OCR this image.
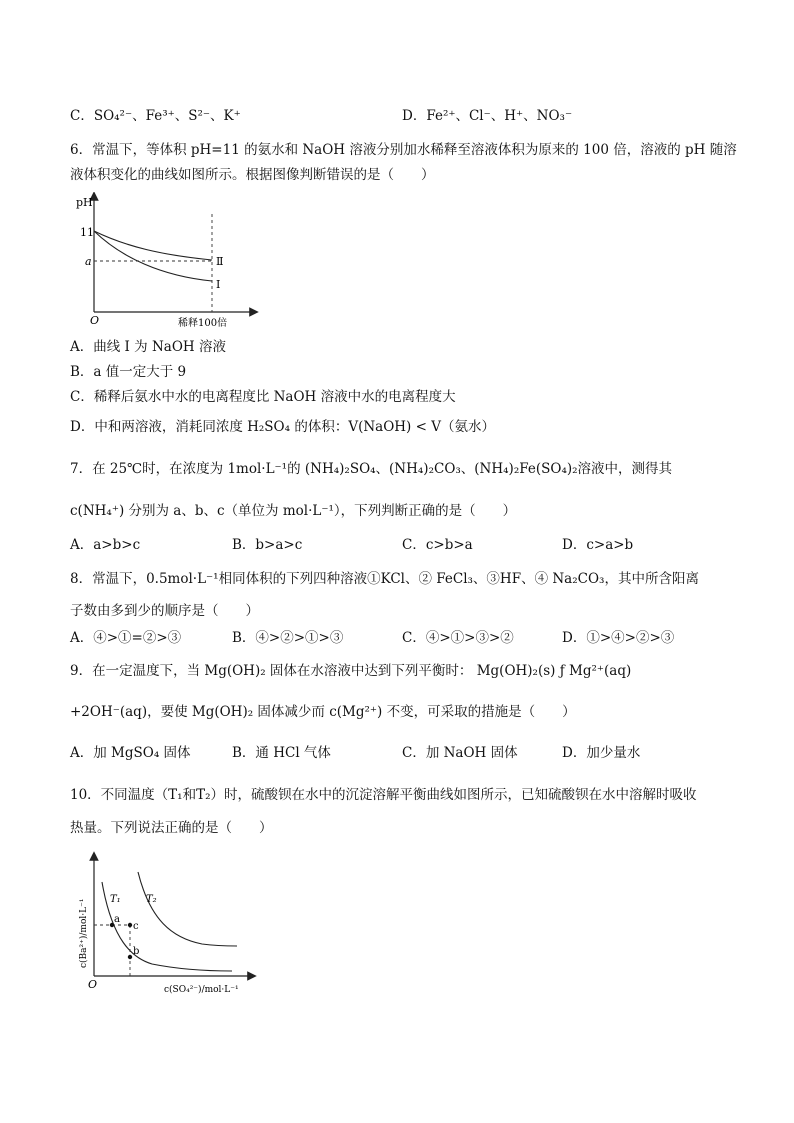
C．SO₄²⁻、Fe³⁺、S²⁻、K⁺	D．Fe²⁺、Cl⁻、H⁺、NO₃⁻
6．常温下，等体积 pH=11 的氨水和 NaOH 溶液分别加水稀释至溶液体积为原来的 100 倍，溶液的 pH 随溶
液体积变化的曲线如图所示。根据图像判断错误的是（　　）
pH
11
a
O	稀释100倍
Ⅱ
Ⅰ
A．曲线 Ⅰ 为 NaOH 溶液
B．a 值一定大于 9
C．稀释后氨水中水的电离程度比 NaOH 溶液中水的电离程度大
D．中和两溶液，消耗同浓度 H₂SO₄ 的体积：V(NaOH) < V（氨水）
7．在 25℃时，在浓度为 1mol·L⁻¹的 (NH₄)₂SO₄、(NH₄)₂CO₃、(NH₄)₂Fe(SO₄)₂溶液中，测得其
c(NH₄⁺) 分别为 a、b、c（单位为 mol·L⁻¹），下列判断正确的是（　　）
A．a>b>c	B．b>a>c	C．c>b>a	D．c>a>b
8．常温下，0.5mol·L⁻¹相同体积的下列四种溶液①KCl、② FeCl₃、③HF、④ Na₂CO₃，其中所含阳离
子数由多到少的顺序是（　　）
A．④>①=②>③	B．④>②>①>③	C．④>①>③>②	D．①>④>②>③
9．在一定温度下，当 Mg(OH)₂ 固体在水溶液中达到下列平衡时： Mg(OH)₂(s) ƒ Mg²⁺(aq)
+2OH⁻(aq)，要使 Mg(OH)₂ 固体减少而 c(Mg²⁺) 不变，可采取的措施是（　　）
A．加 MgSO₄ 固体	B．通 HCl 气体	C．加 NaOH 固体	D．加少量水
10．不同温度（T₁和T₂）时，硫酸钡在水中的沉淀溶解平衡曲线如图所示，已知硫酸钡在水中溶解时吸收
热量。下列说法正确的是（　　）
c(Ba²⁺)/mol·L⁻¹
c(SO₄²⁻)/mol·L⁻¹
O
T₁	T₂
a
c
b
